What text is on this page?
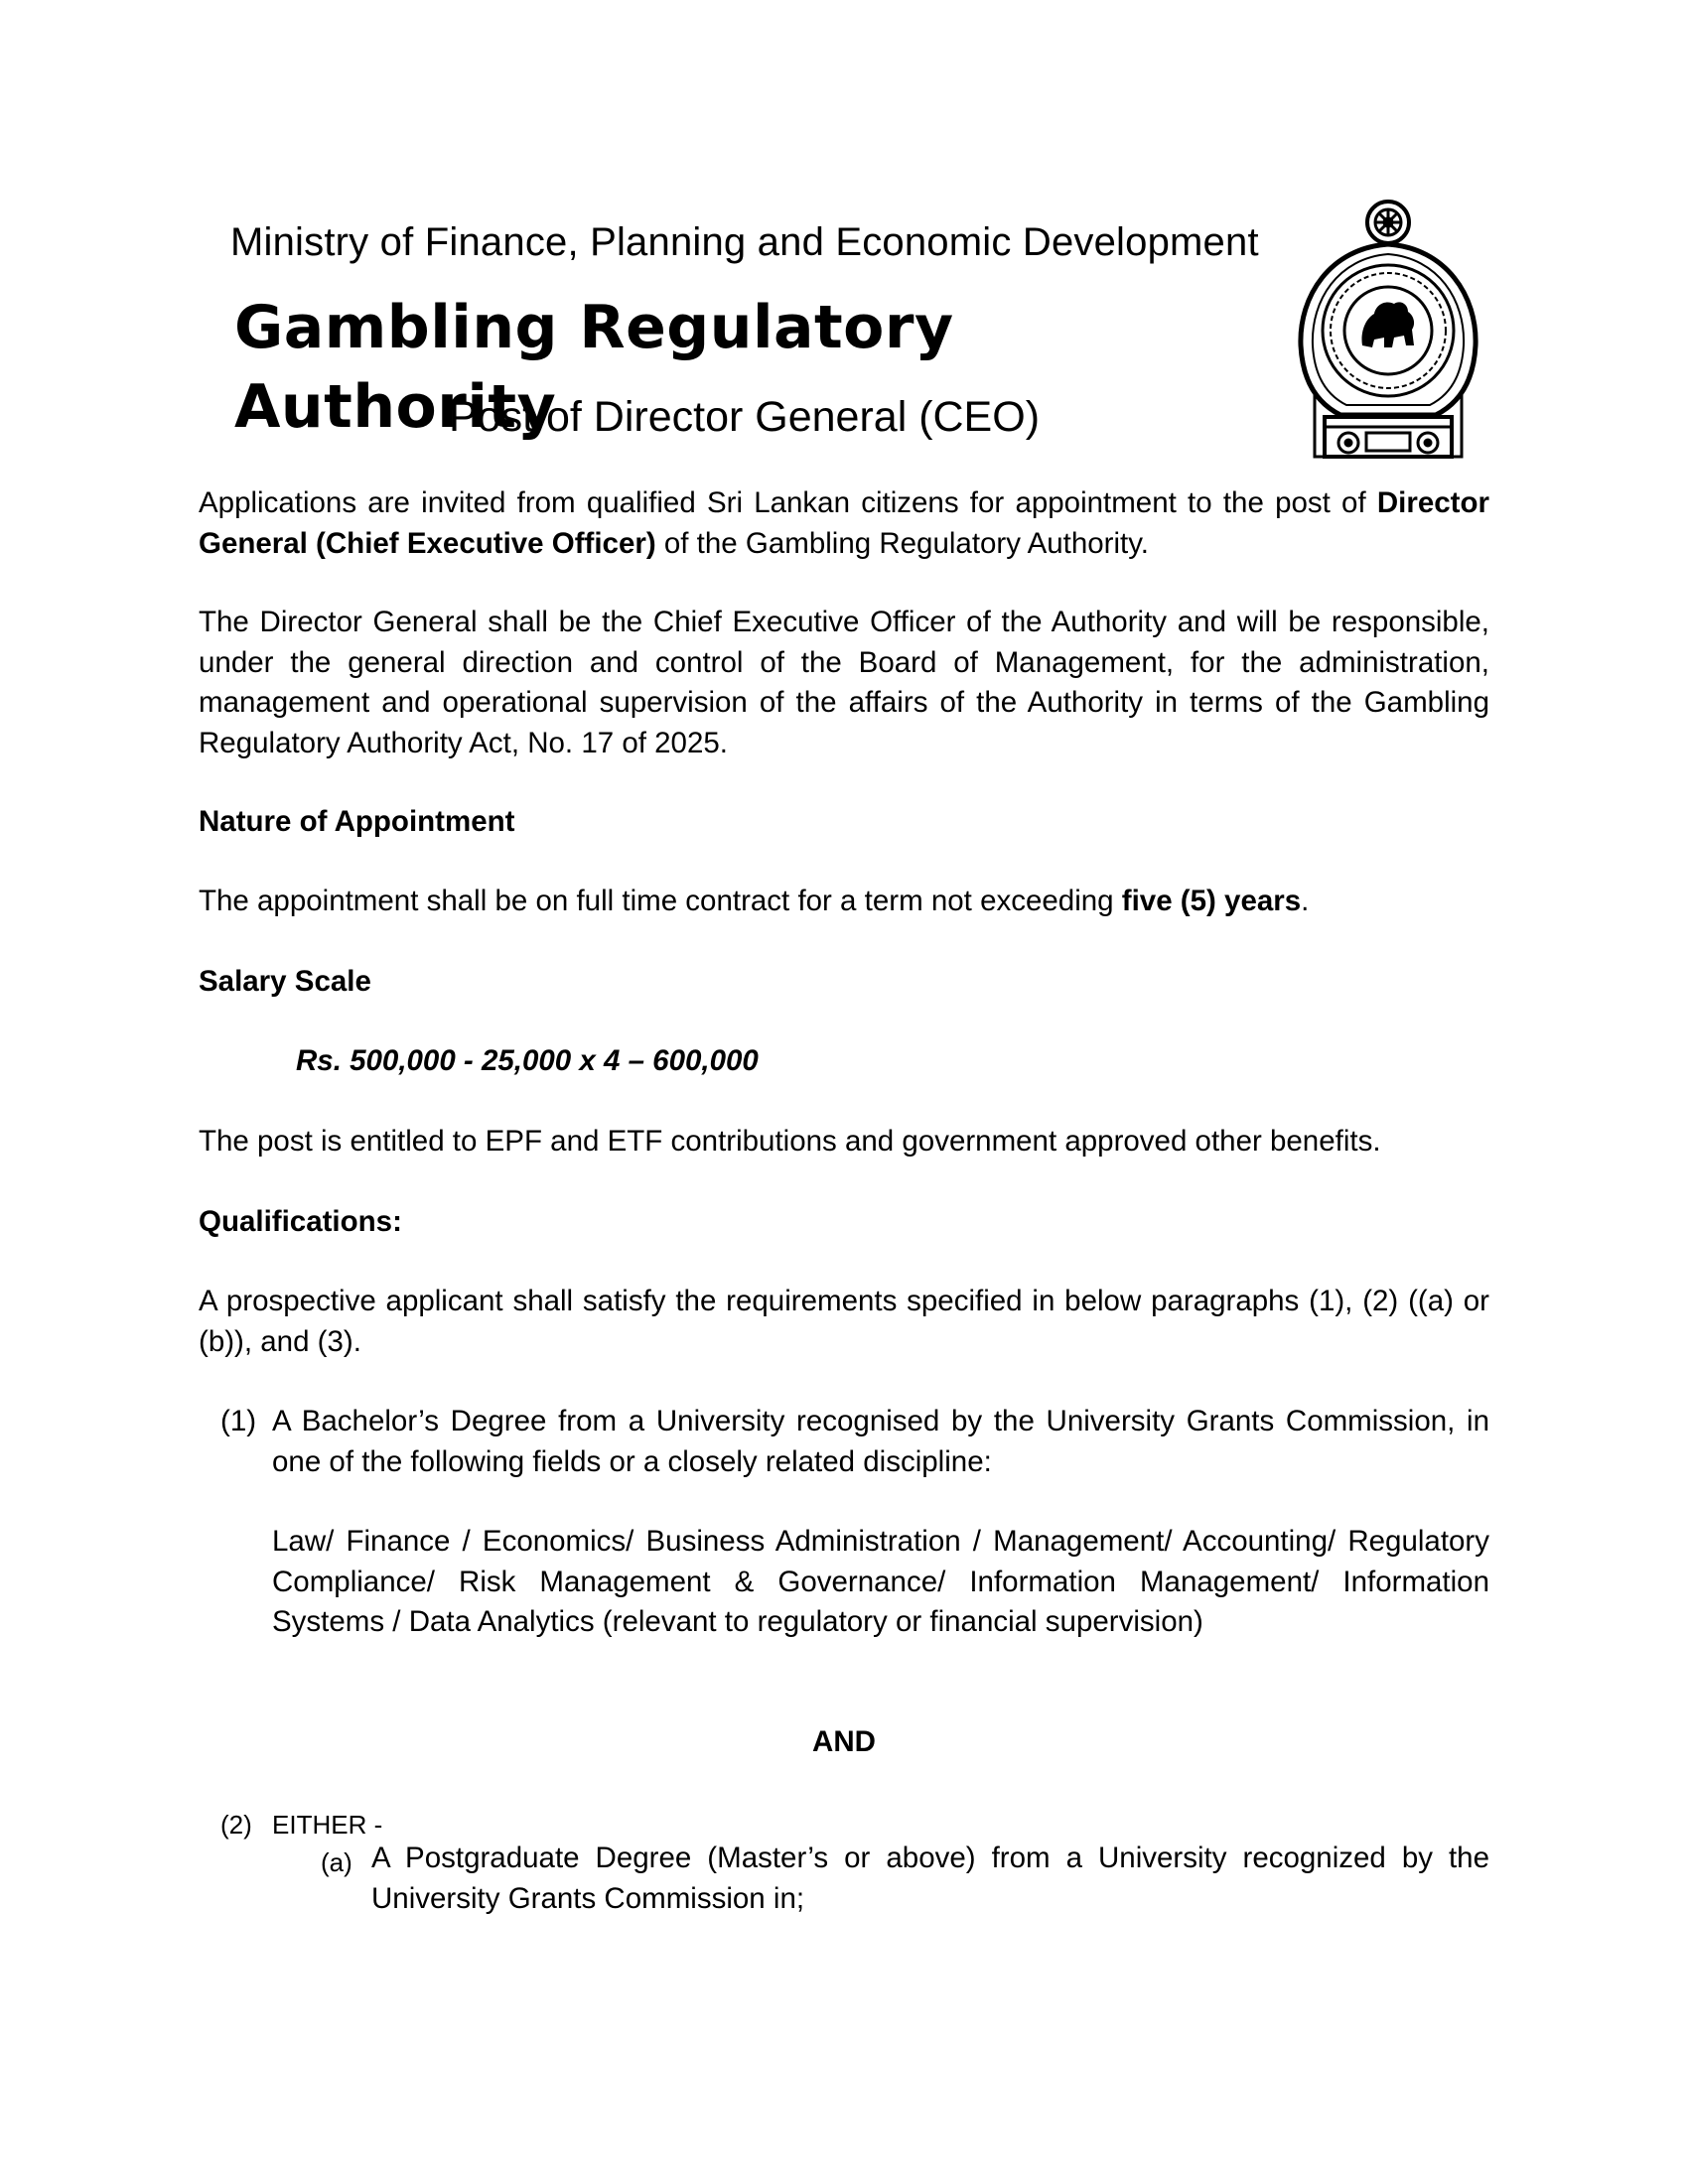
Ministry of Finance, Planning and Economic Development
Gambling Regulatory Authority
Post of Director General (CEO)

Applications are invited from qualified Sri Lankan citizens for appointment to the post of Director General (Chief Executive Officer) of the Gambling Regulatory Authority.

The Director General shall be the Chief Executive Officer of the Authority and will be responsible, under the general direction and control of the Board of Management, for the administration, management and operational supervision of the affairs of the Authority in terms of the Gambling Regulatory Authority Act, No. 17 of 2025.
Nature of Appointment
The appointment shall be on full time contract for a term not exceeding five (5) years.
Salary Scale
Rs. 500,000 - 25,000 x 4 – 600,000
The post is entitled to EPF and ETF contributions and government approved other benefits.
Qualifications:
A prospective applicant shall satisfy the requirements specified in below paragraphs (1), (2) ((a) or (b)), and (3).
(1) A Bachelor’s Degree from a University recognised by the University Grants Commission, in one of the following fields or a closely related discipline:
Law/ Finance / Economics/ Business Administration / Management/ Accounting/ Regulatory Compliance/ Risk Management & Governance/ Information Management/ Information Systems / Data Analytics (relevant to regulatory or financial supervision)
AND
(2) EITHER -
(a) A Postgraduate Degree (Master’s or above) from a University recognized by the University Grants Commission in;
